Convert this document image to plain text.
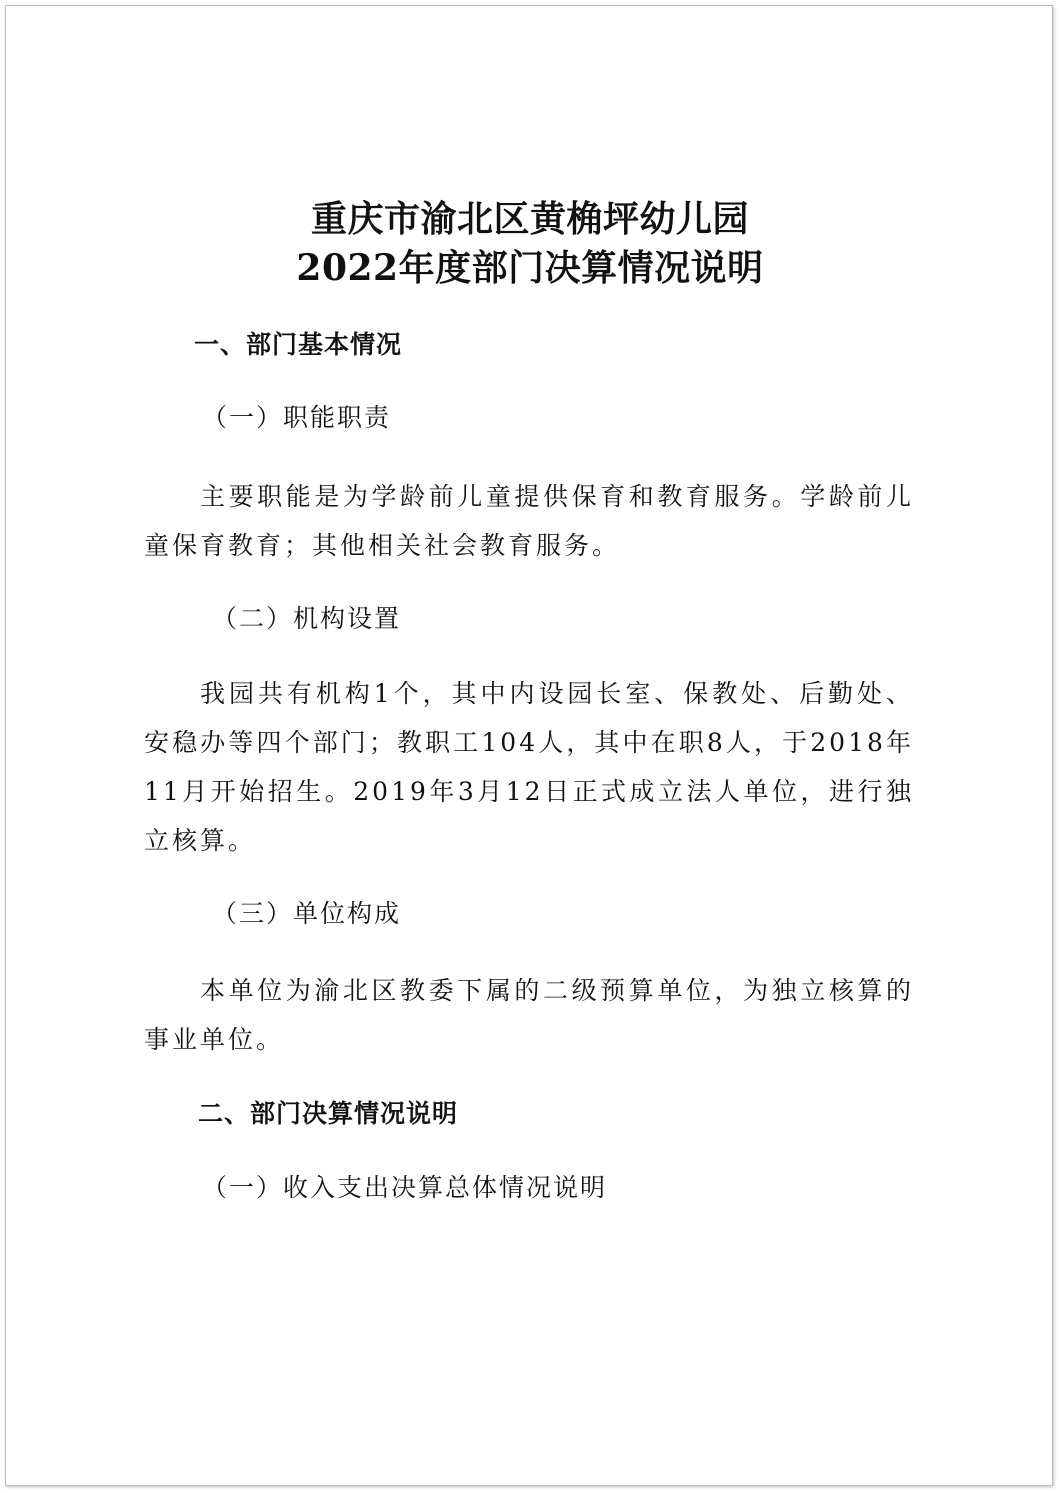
重庆市渝北区黄桷坪幼儿园
2022年度部门决算情况说明
一、部门基本情况
（一）职能职责

主要职能是为学龄前儿童提供保育和教育服务。学龄前儿童保育教育；其他相关社会教育服务。

（二）机构设置

我园共有机构1个，其中内设园长室、保教处、后勤处、安稳办等四个部门；教职工104人，其中在职8人，于2018年11月开始招生。2019年3月12日正式成立法人单位，进行独立核算。

（三）单位构成

本单位为渝北区教委下属的二级预算单位，为独立核算的事业单位。

二、部门决算情况说明
（一）收入支出决算总体情况说明
